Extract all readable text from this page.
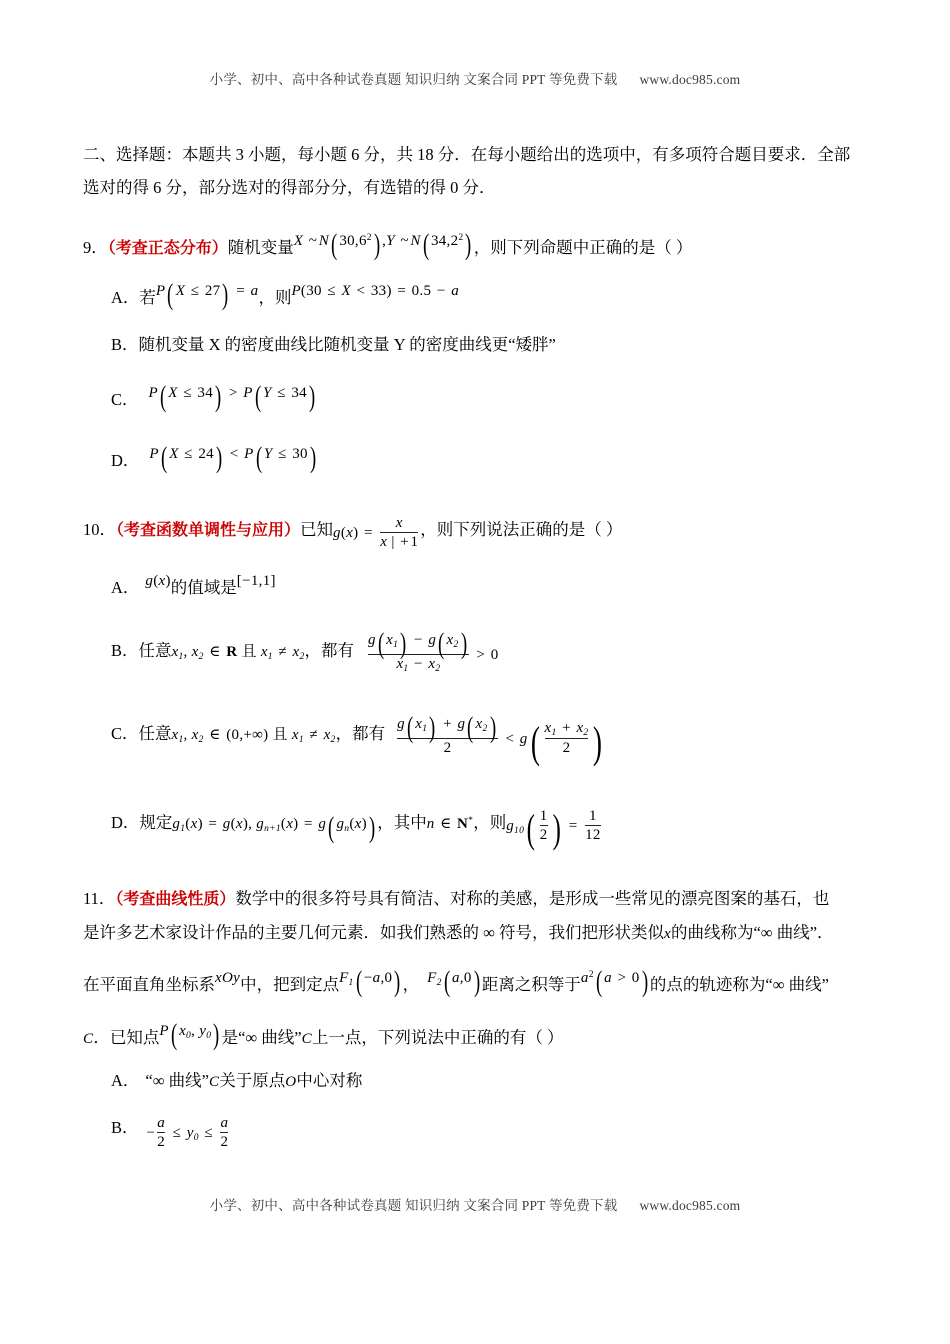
小学、初中、高中各种试卷真题 知识归纳 文案合同 PPT 等免费下载 www.doc985.com

二、选择题：本题共 3 小题，每小题 6 分，共 18 分．在每小题给出的选项中，有多项符合题目要求．全部

选对的得 6 分，部分选对的得部分分，有选错的得 0 分．

9．（考查正态分布）随机变量X ~ N( 30,6$^2$) ,Y ~ N( 34,2$^2$) ，则下列命题中正确的是（ ）

A．若P( X ≤ 27) = a，则P(30 ≤ X < 33) = 0.5 − a

B．随机变量 X 的密度曲线比随机变量 Y 的密度曲线更“矮胖”

C． P( X ≤ 34) > P( Y ≤ 34)

D． P( X ≤ 24) < P( Y ≤ 30)

10．（考查函数单调性与应用）已知$g(x) = \frac{x}{x | + 1}$ ，则下列说法正确的是（ ）

A． g(x)的值域是[−1,1]

B．任意$x_1$, $x_2$ ∈ R 且 $x_1 \ne x_2$，都有 $\frac{g( x_1) - g( x_2)}{x_1 - x_2} > 0$

C．任意$x_1$, $x_2$ ∈ (0,+∞) 且 $x_1 \ne x_2$，都有 $\frac{g( x_1) + g( x_2)}{2} < g( \frac{x_1 + x_2}{2}$ )

D．规定$g_1(x) = g(x)$, $g_{n+1}(x) = g$( $g_n(x)$) ，其中n ∈ N*，则$g_{10}( \frac{1}{2}$ ) = $\frac{1}{12}$

11．（考查曲线性质）数学中的很多符号具有简洁、对称的美感，是形成一些常见的漂亮图案的基石，也

是许多艺术家设计作品的主要几何元素．如我们熟悉的 ∞ 符号，我们把形状类似x的曲线称为“∞ 曲线”．

在平面直角坐标系xOy中，把到定点$F_1( -a,0)$ ， $F_2$( a,0) 距离之积等于$a^2$( a > 0) 的点的轨迹称为“∞ 曲线”

C．已知点P( $x_0$, $y_0$) 是“∞ 曲线”C上一点，下列说法中正确的有（ ）

A． “∞ 曲线”C关于原点O中心对称

B． − $\frac{a}{2} \le y_0 \le \frac{a}{2}$

小学、初中、高中各种试卷真题 知识归纳 文案合同 PPT 等免费下载 www.doc985.com
